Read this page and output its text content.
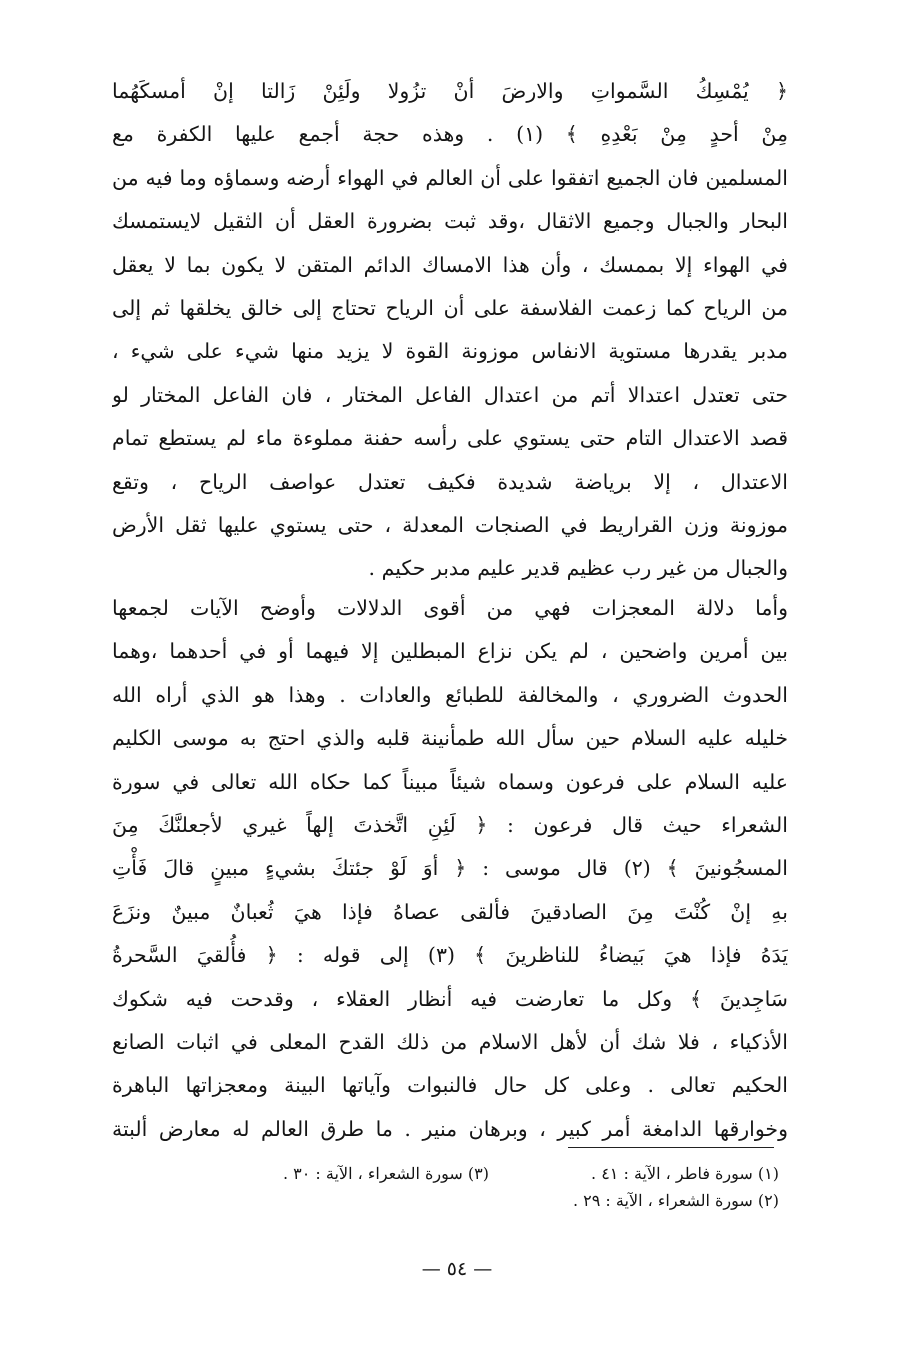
﴿ يُمْسِكُ السَّمواتِ والارضَ أنْ تزُولا ولَئِنْ زَالتا إنْ أمسكَهُما
مِنْ أحدٍ مِنْ بَعْدِهِ ﴾ (١) . وهذه حجة أجمع عليها الكفرة مع
المسلمين فان الجميع اتفقوا على أن العالم في الهواء أرضه وسماؤه وما فيه من
البحار والجبال وجميع الاثقال ،وقد ثبت بضرورة العقل أن الثقيل لايستمسك
في الهواء إلا بممسك ، وأن هذا الامساك الدائم المتقن لا يكون بما لا يعقل
من الرياح كما زعمت الفلاسفة على أن الرياح تحتاج إلى خالق يخلقها ثم إلى
مدبر يقدرها مستوية الانفاس موزونة القوة لا يزيد منها شيء على شيء ،
حتى تعتدل اعتدالا أتم من اعتدال الفاعل المختار ، فان الفاعل المختار لو
قصد الاعتدال التام حتى يستوي على رأسه حفنة مملوءة ماء لم يستطع تمام
الاعتدال ، إلا برياضة شديدة فكيف تعتدل عواصف الرياح ، وتقع
موزونة وزن القراريط في الصنجات المعدلة ، حتى يستوي عليها ثقل الأرض
والجبال من غير رب عظيم قدير عليم مدبر حكيم .
وأما دلالة المعجزات فهي من أقوى الدلالات وأوضح الآيات لجمعها
بين أمرين واضحين ، لم يكن نزاع المبطلين إلا فيهما أو في أحدهما ،وهما
الحدوث الضروري ، والمخالفة للطبائع والعادات . وهذا هو الذي أراه الله
خليله عليه السلام حين سأل الله طمأنينة قلبه والذي احتج به موسى الكليم
عليه السلام على فرعون وسماه شيئاً مبيناً كما حكاه الله تعالى في سورة
الشعراء حيث قال فرعون : ﴿ لَئِنِ اتَّخذتَ إلهاً غيري لأجعلنَّكَ مِنَ
المسجُونينَ ﴾ (٢) قال موسى : ﴿ أوَ لَوْ جئتكَ بشيءٍ مبينٍ قالَ فَأْتِ
بهِ إنْ كُنْتَ مِنَ الصادقينَ فألقى عصاهُ فإذا هيَ ثُعبانٌ مبينٌ ونزَعَ
يَدَهُ فإذا هيَ بَيضاءُ للناظرينَ ﴾ (٣) إلى قوله : ﴿ فأُلقيَ السَّحرةُ
سَاجِدينَ ﴾ وكل ما تعارضت فيه أنظار العقلاء ، وقدحت فيه شكوك
الأذكياء ، فلا شك أن لأهل الاسلام من ذلك القدح المعلى في اثبات الصانع
الحكيم تعالى . وعلى كل حال فالنبوات وآياتها البينة ومعجزاتها الباهرة
وخوارقها الدامغة أمر كبير ، وبرهان منير . ما طرق العالم له معارض ألبتة
(١) سورة فاطر ، الآية : ٤١ .
(٣) سورة الشعراء ، الآية : ٣٠ .
(٢) سورة الشعراء ، الآية : ٢٩ .
— ٥٤ —
